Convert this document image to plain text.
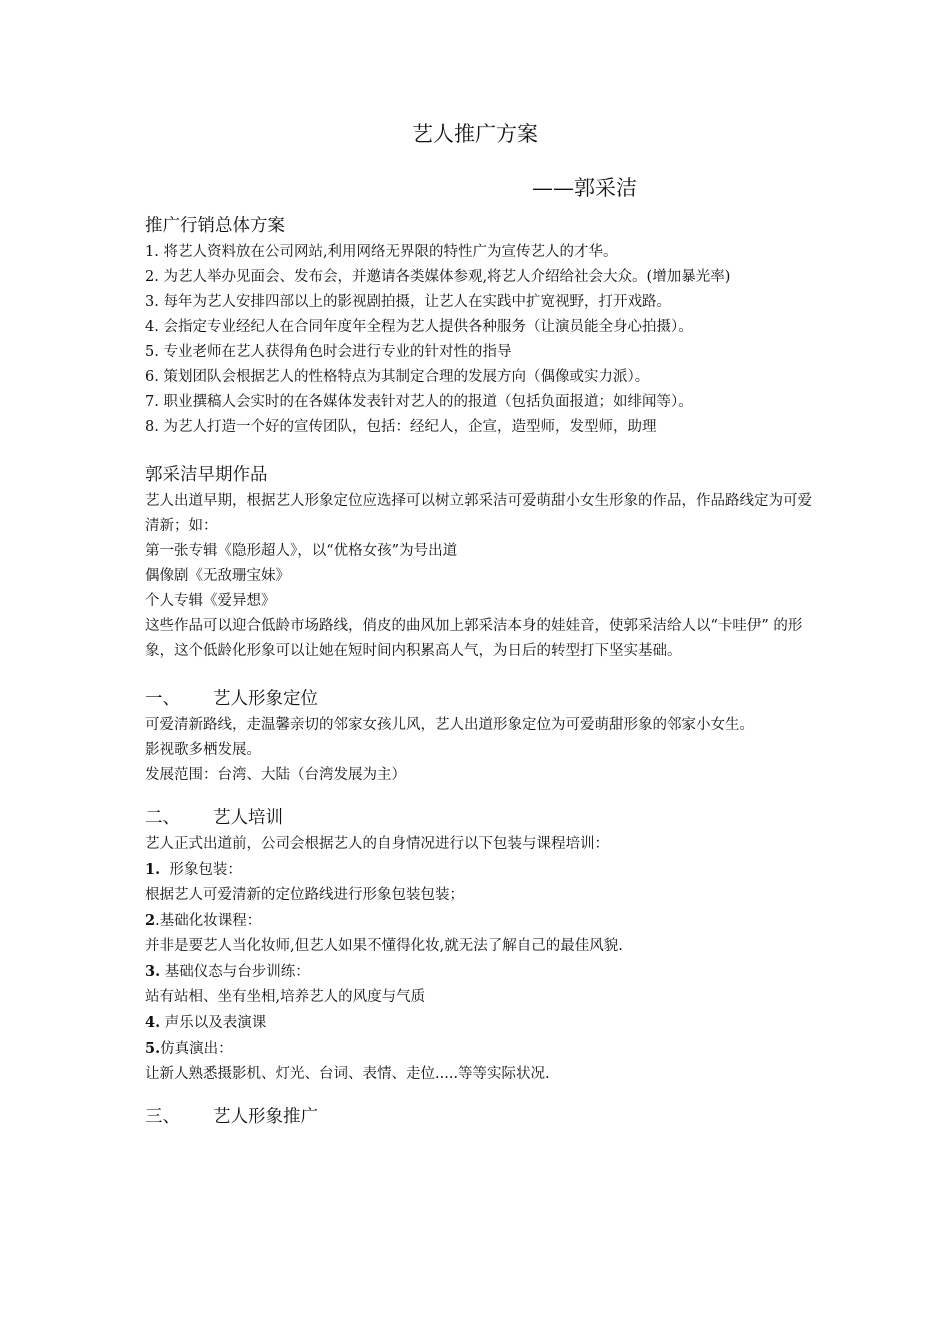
艺人推广方案
——郭采洁
推广行销总体方案
1. 将艺人资料放在公司网站,利用网络无界限的特性广为宣传艺人的才华。
2. 为艺人举办见面会、发布会，并邀请各类媒体参观,将艺人介绍给社会大众。(增加暴光率)
3. 每年为艺人安排四部以上的影视剧拍摄，让艺人在实践中扩宽视野，打开戏路。
4. 会指定专业经纪人在合同年度年全程为艺人提供各种服务（让演员能全身心拍摄）。
5. 专业老师在艺人获得角色时会进行专业的针对性的指导
6. 策划团队会根据艺人的性格特点为其制定合理的发展方向（偶像或实力派）。
7. 职业撰稿人会实时的在各媒体发表针对艺人的的报道（包括负面报道；如绯闻等）。
8. 为艺人打造一个好的宣传团队，包括：经纪人，企宣，造型师，发型师，助理
郭采洁早期作品
艺人出道早期，根据艺人形象定位应选择可以树立郭采洁可爱萌甜小女生形象的作品，作品路线定为可爱清新；如：
第一张专辑《隐形超人》，以“优格女孩”为号出道
偶像剧《无敌珊宝妹》
个人专辑《爱异想》
这些作品可以迎合低龄市场路线，俏皮的曲风加上郭采洁本身的娃娃音，使郭采洁给人以“卡哇伊” 的形象，这个低龄化形象可以让她在短时间内积累高人气，为日后的转型打下坚实基础。
一、 艺人形象定位
可爱清新路线，走温馨亲切的邻家女孩儿风，艺人出道形象定位为可爱萌甜形象的邻家小女生。
影视歌多栖发展。
发展范围：台湾、大陆（台湾发展为主）
二、 艺人培训
艺人正式出道前，公司会根据艺人的自身情况进行以下包装与课程培训：
1. 形象包装：
根据艺人可爱清新的定位路线进行形象包装包装；
2.基础化妆课程：
并非是要艺人当化妆师,但艺人如果不懂得化妆,就无法了解自己的最佳风貌.
3. 基础仪态与台步训练：
站有站相、坐有坐相,培养艺人的风度与气质
4. 声乐以及表演课
5.仿真演出：
让新人熟悉摄影机、灯光、台词、表情、走位.....等等实际状况.
三、 艺人形象推广
